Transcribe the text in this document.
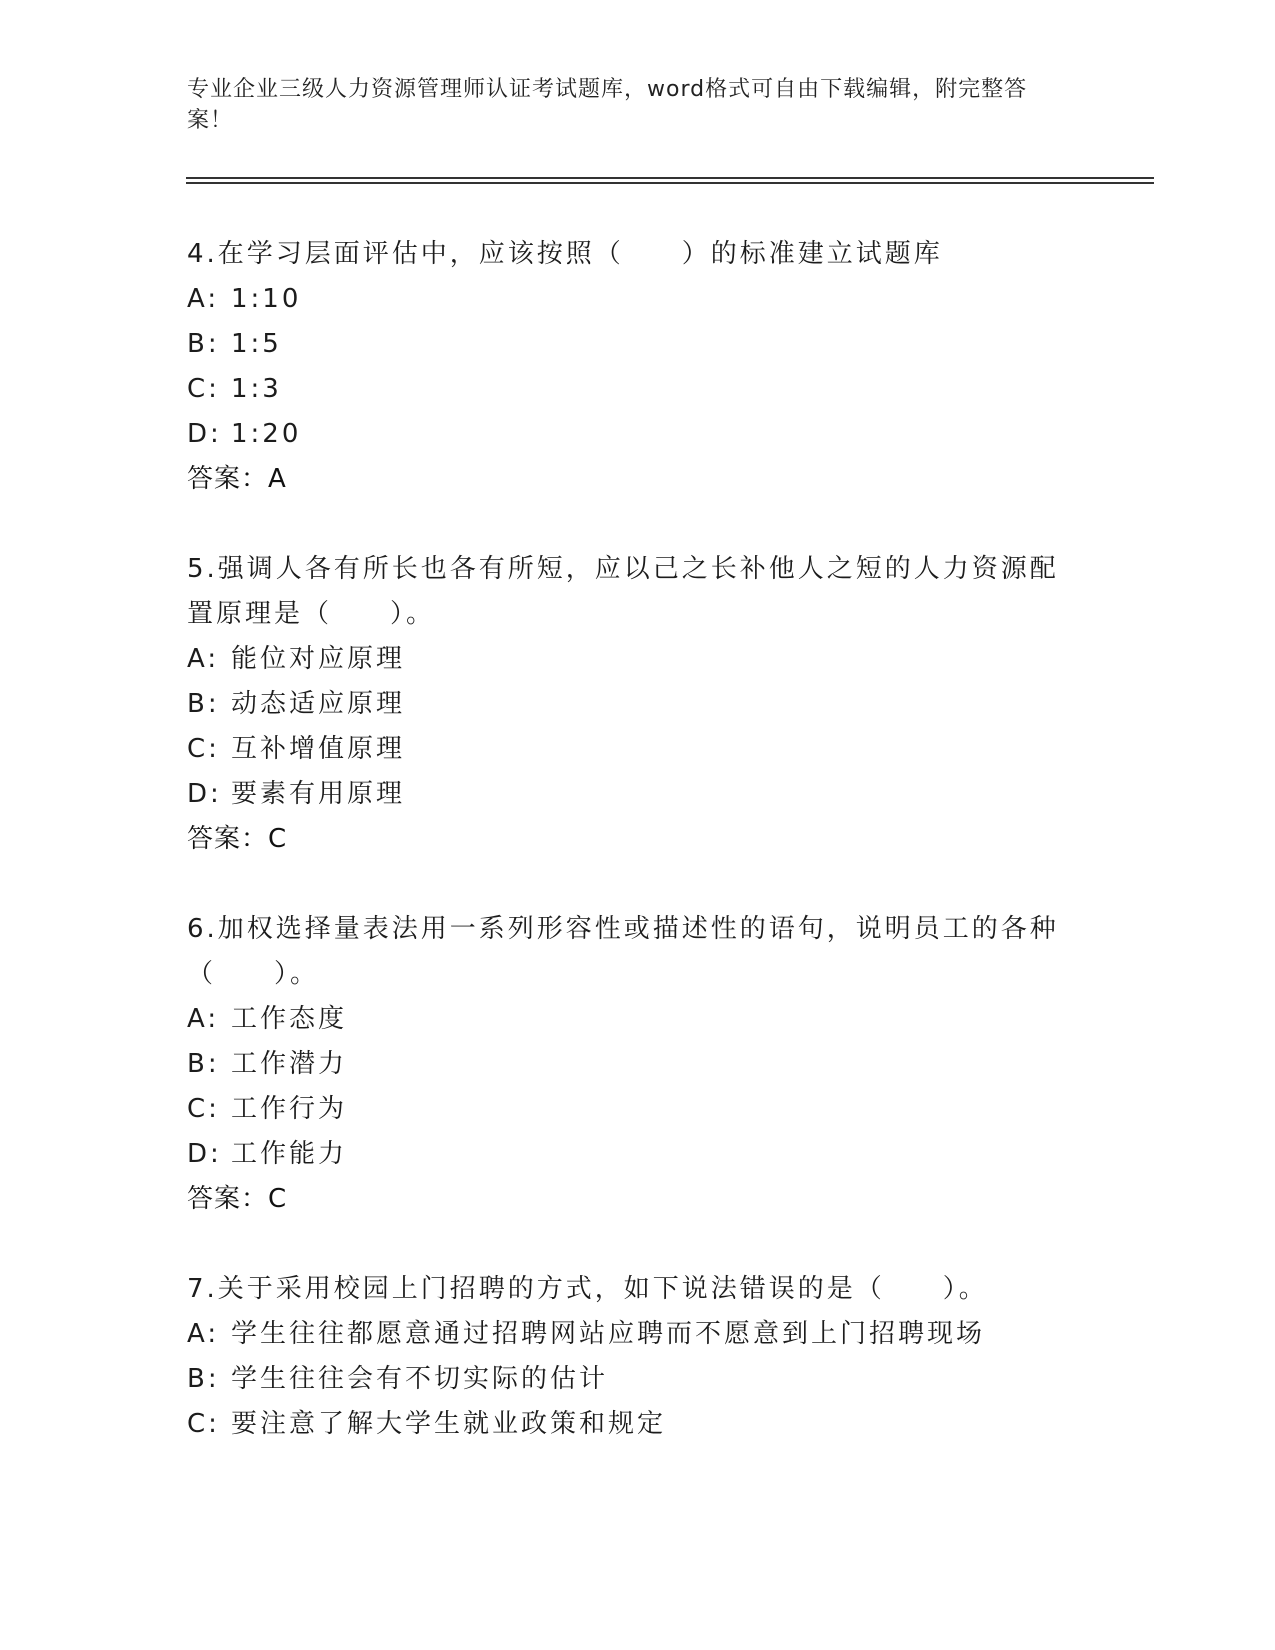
专业企业三级人力资源管理师认证考试题库，word格式可自由下载编辑，附完整答案！
4.在学习层面评估中，应该按照（　　）的标准建立试题库
A: 1:10
B: 1:5
C: 1:3
D: 1:20
答案：A
5.强调人各有所长也各有所短，应以己之长补他人之短的人力资源配置原理是（　　）。
A: 能位对应原理
B: 动态适应原理
C: 互补增值原理
D: 要素有用原理
答案：C
6.加权选择量表法用一系列形容性或描述性的语句，说明员工的各种（　　）。
A: 工作态度
B: 工作潜力
C: 工作行为
D: 工作能力
答案：C
7.关于采用校园上门招聘的方式，如下说法错误的是（　　）。
A: 学生往往都愿意通过招聘网站应聘而不愿意到上门招聘现场
B: 学生往往会有不切实际的估计
C: 要注意了解大学生就业政策和规定
